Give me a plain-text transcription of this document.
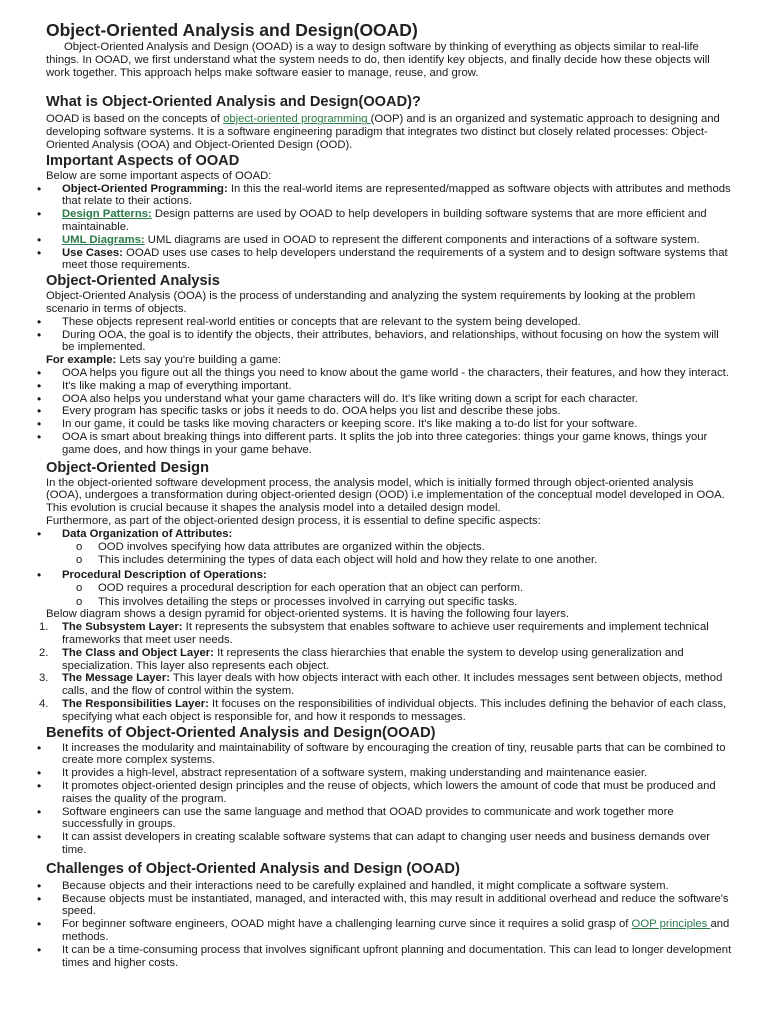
Object-Oriented Analysis and Design(OOAD)

Object-Oriented Analysis and Design (OOAD) is a way to design software by thinking of everything as objects similar to real-life things. In OOAD, we first understand what the system needs to do, then identify key objects, and finally decide how these objects will work together. This approach helps make software easier to manage, reuse, and grow.

What is Object-Oriented Analysis and Design(OOAD)?

OOAD is based on the concepts of object-oriented programming (OOP) and is an organized and systematic approach to designing and developing software systems. It is a software engineering paradigm that integrates two distinct but closely related processes: Object-Oriented Analysis (OOA) and Object-Oriented Design (OOD).

Important Aspects of OOAD

Below are some important aspects of OOAD:

• Object-Oriented Programming: In this the real-world items are represented/mapped as software objects with attributes and methods that relate to their actions.
• Design Patterns: Design patterns are used by OOAD to help developers in building software systems that are more efficient and maintainable.
• UML Diagrams: UML diagrams are used in OOAD to represent the different components and interactions of a software system.
• Use Cases: OOAD uses use cases to help developers understand the requirements of a system and to design software systems that meet those requirements.
Object-Oriented Analysis

Object-Oriented Analysis (OOA) is the process of understanding and analyzing the system requirements by looking at the problem scenario in terms of objects.

• These objects represent real-world entities or concepts that are relevant to the system being developed.
• During OOA, the goal is to identify the objects, their attributes, behaviors, and relationships, without focusing on how the system will be implemented.

For example: Lets say you're building a game:

• OOA helps you figure out all the things you need to know about the game world - the characters, their features, and how they interact.
• It's like making a map of everything important.
• OOA also helps you understand what your game characters will do. It's like writing down a script for each character.
• Every program has specific tasks or jobs it needs to do. OOA helps you list and describe these jobs.
• In our game, it could be tasks like moving characters or keeping score. It's like making a to-do list for your software.
• OOA is smart about breaking things into different parts. It splits the job into three categories: things your game knows, things your game does, and how things in your game behave.
Object-Oriented Design

In the object-oriented software development process, the analysis model, which is initially formed through object-oriented analysis (OOA), undergoes a transformation during object-oriented design (OOD) i.e implementation of the conceptual model developed in OOA. This evolution is crucial because it shapes the analysis model into a detailed design model.

Furthermore, as part of the object-oriented design process, it is essential to define specific aspects:

• Data Organization of Attributes:
o OOD involves specifying how data attributes are organized within the objects.
o This includes determining the types of data each object will hold and how they relate to one another.
• Procedural Description of Operations:
o OOD requires a procedural description for each operation that an object can perform.
o This involves detailing the steps or processes involved in carrying out specific tasks.

Below diagram shows a design pyramid for object-oriented systems. It is having the following four layers.

1. The Subsystem Layer: It represents the subsystem that enables software to achieve user requirements and implement technical frameworks that meet user needs.
2. The Class and Object Layer: It represents the class hierarchies that enable the system to develop using generalization and specialization. This layer also represents each object.
3. The Message Layer: This layer deals with how objects interact with each other. It includes messages sent between objects, method calls, and the flow of control within the system.
4. The Responsibilities Layer: It focuses on the responsibilities of individual objects. This includes defining the behavior of each class, specifying what each object is responsible for, and how it responds to messages.
Benefits of Object-Oriented Analysis and Design(OOAD)
• It increases the modularity and maintainability of software by encouraging the creation of tiny, reusable parts that can be combined to create more complex systems.
• It provides a high-level, abstract representation of a software system, making understanding and maintenance easier.
• It promotes object-oriented design principles and the reuse of objects, which lowers the amount of code that must be produced and raises the quality of the program.
• Software engineers can use the same language and method that OOAD provides to communicate and work together more successfully in groups.
• It can assist developers in creating scalable software systems that can adapt to changing user needs and business demands over time.
Challenges of Object-Oriented Analysis and Design (OOAD)
• Because objects and their interactions need to be carefully explained and handled, it might complicate a software system.
• Because objects must be instantiated, managed, and interacted with, this may result in additional overhead and reduce the software's speed.
• For beginner software engineers, OOAD might have a challenging learning curve since it requires a solid grasp of OOP principles and methods.
• It can be a time-consuming process that involves significant upfront planning and documentation. This can lead to longer development times and higher costs.
